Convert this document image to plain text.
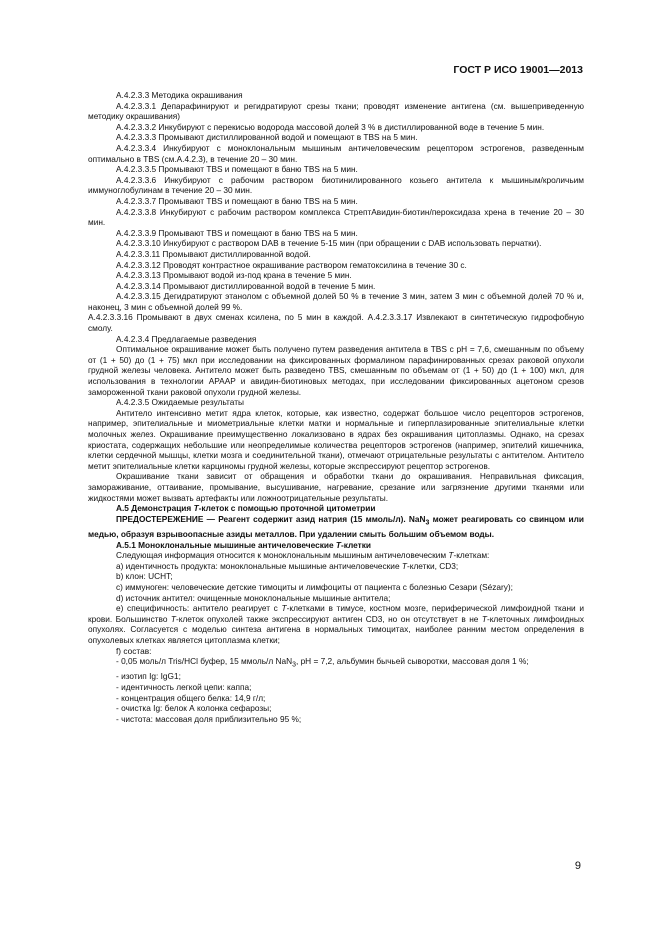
ГОСТ Р ИСО 19001—2013

А.4.2.3.3 Методика окрашивания

А.4.2.3.3.1 Депарафинируют и регидратируют срезы ткани; проводят изменение антигена (см. вышеприведенную методику окрашивания)

А.4.2.3.3.2 Инкубируют с перекисью водорода массовой долей 3 % в дистиллированной воде в течение 5 мин.

А.4.2.3.3.3 Промывают дистиллированной водой и помещают в TBS на 5 мин.

А.4.2.3.3.4 Инкубируют с моноклональным мышиным античеловеческим рецептором эстрогенов, разведенным оптимально в TBS (см.А.4.2.3), в течение 20 – 30 мин.

А.4.2.3.3.5 Промывают TBS и помещают в баню TBS на 5 мин.

А.4.2.3.3.6 Инкубируют с рабочим раствором биотинилированного козьего антитела к мышиным/кроличьим иммуноглобулинам в течение 20 – 30 мин.

А.4.2.3.3.7 Промывают TBS и помещают в баню TBS на 5 мин.

А.4.2.3.3.8 Инкубируют с рабочим раствором комплекса СтрептАвидин-биотин/пероксидаза хрена в течение 20 – 30 мин.

А.4.2.3.3.9 Промывают TBS и помещают в баню TBS на 5 мин.

А.4.2.3.3.10 Инкубируют с раствором DAB в течение 5-15 мин (при обращении с DAB использовать перчатки).

А.4.2.3.3.11 Промывают дистиллированной водой.

А.4.2.3.3.12 Проводят контрастное окрашивание раствором гематоксилина в течение 30 с.

А.4.2.3.3.13 Промывают водой из-под крана в течение 5 мин.

А.4.2.3.3.14 Промывают дистиллированной водой в течение 5 мин.

А.4.2.3.3.15 Дегидратируют этанолом с объемной долей 50 % в течение 3 мин, затем 3 мин с объемной долей 70 % и, наконец, 3 мин с объемной долей 99 %.

А.4.2.3.3.16 Промывают в двух сменах ксилена, по 5 мин в каждой. А.4.2.3.3.17 Извлекают в синтетическую гидрофобную смолу.

А.4.2.3.4 Предлагаемые разведения

Оптимальное окрашивание может быть получено путем разведения антитела в TBS с pH = 7,6, смешанным по объему от (1 + 50) до (1 + 75) мкл при исследовании на фиксированных формалином парафинированных срезах раковой опухоли грудной железы человека. Антитело может быть разведено TBS, смешанным по объемам от (1 + 50) до (1 + 100) мкл, для использования в технологии APAAP и авидин-биотиновых методах, при исследовании фиксированных ацетоном срезов замороженной ткани раковой опухоли грудной железы.

А.4.2.3.5 Ожидаемые результаты

Антитело интенсивно метит ядра клеток, которые, как известно, содержат большое число рецепторов эстрогенов, например, эпителиальные и миометриальные клетки матки и нормальные и гиперплазированные эпителиальные клетки молочных желез. Окрашивание преимущественно локализовано в ядрах без окрашивания цитоплазмы. Однако, на срезах криостата, содержащих небольшие или неопределимые количества рецепторов эстрогенов (например, эпителий кишечника, клетки сердечной мышцы, клетки мозга и соединительной ткани), отмечают отрицательные результаты с антителом. Антитело метит эпителиальные клетки карциномы грудной железы, которые экспрессируют рецептор эстрогенов.

Окрашивание ткани зависит от обращения и обработки ткани до окрашивания. Неправильная фиксация, замораживание, оттаивание, промывание, высушивание, нагревание, срезание или загрязнение другими тканями или жидкостями может вызвать артефакты или ложноотрицательные результаты.

А.5 Демонстрация Т-клеток с помощью проточной цитометрии

ПРЕДОСТЕРЕЖЕНИЕ — Реагент содержит азид натрия (15 ммоль/л). NaN$_3$ может реагировать со свинцом или медью, образуя взрывоопасные азиды металлов. При удалении смыть большим объемом воды.

А.5.1 Моноклональные мышиные античеловеческие Т-клетки

Следующая информация относится к моноклональным мышиным античеловеческим Т-клеткам:

а) идентичность продукта: моноклональные мышиные античеловеческие Т-клетки, CD3;

b) клон: UCHT;

с) иммуноген: человеческие детские тимоциты и лимфоциты от пациента с болезнью Сезари (Sézary);

d) источник антител: очищенные моноклональные мышиные антитела;

е) специфичность: антитело реагирует с Т-клетками в тимусе, костном мозге, периферической лимфоидной ткани и крови. Большинство Т-клеток опухолей также экспрессируют антиген CD3, но он отсутствует в не Т-клеточных лимфоидных опухолях. Согласуется с моделью синтеза антигена в нормальных тимоцитах, наиболее ранним местом определения в опухолевых клетках является цитоплазма клетки;

f) состав:

- 0,05 моль/л Tris/HCl буфер, 15 ммоль/л NaN$_3$, pH = 7,2, альбумин бычьей сыворотки, массовая доля 1 %;

- изотип Ig: IgG1;

- идентичность легкой цепи: каппа;

- концентрация общего белка: 14,9 г/л;

- очистка Ig: белок А колонка сефарозы;

- чистота: массовая доля приблизительно 95 %;

9
